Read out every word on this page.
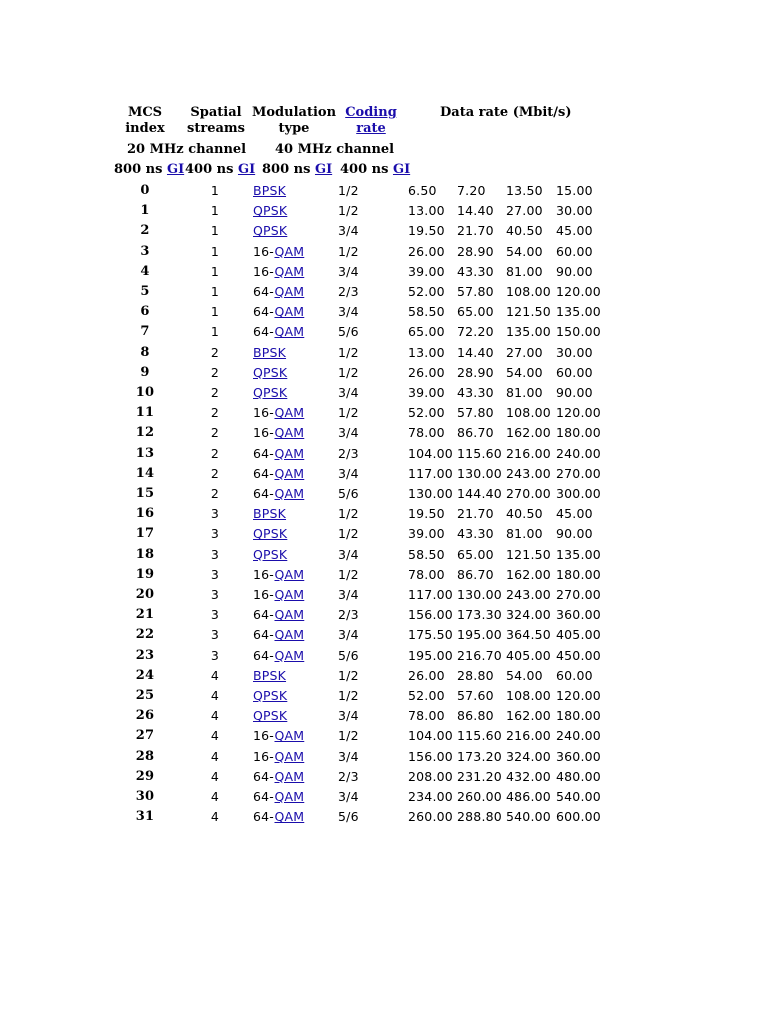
MCS
index
Spatial
streams
Modulation
type
Coding
rate
Data rate (Mbit/s)
20 MHz channel 40 MHz channel
800 ns GI 400 ns GI 800 ns GI 400 ns GI
0	1	BPSK	1/2	6.50 7.20 13.50 15.00
1	1	QPSK	1/2	13.00 14.40 27.00 30.00
2	1	QPSK	3/4	19.50 21.70 40.50 45.00
3	1	16-QAM	1/2	26.00 28.90 54.00 60.00
4	1	16-QAM	3/4	39.00 43.30 81.00 90.00
5	1	64-QAM	2/3	52.00 57.80 108.00 120.00
6	1	64-QAM	3/4	58.50 65.00 121.50 135.00
7	1	64-QAM	5/6	65.00 72.20 135.00 150.00
8	2	BPSK	1/2	13.00 14.40 27.00 30.00
9	2	QPSK	1/2	26.00 28.90 54.00 60.00
10	2	QPSK	3/4	39.00 43.30 81.00 90.00
11	2	16-QAM	1/2	52.00 57.80 108.00 120.00
12	2	16-QAM	3/4	78.00 86.70 162.00 180.00
13	2	64-QAM	2/3	104.00 115.60 216.00 240.00
14	2	64-QAM	3/4	117.00 130.00 243.00 270.00
15	2	64-QAM	5/6	130.00 144.40 270.00 300.00
16	3	BPSK	1/2	19.50 21.70 40.50 45.00
17	3	QPSK	1/2	39.00 43.30 81.00 90.00
18	3	QPSK	3/4	58.50 65.00 121.50 135.00
19	3	16-QAM	1/2	78.00 86.70 162.00 180.00
20	3	16-QAM	3/4	117.00 130.00 243.00 270.00
21	3	64-QAM	2/3	156.00 173.30 324.00 360.00
22	3	64-QAM	3/4	175.50 195.00 364.50 405.00
23	3	64-QAM	5/6	195.00 216.70 405.00 450.00
24	4	BPSK	1/2	26.00 28.80 54.00 60.00
25	4	QPSK	1/2	52.00 57.60 108.00 120.00
26	4	QPSK	3/4	78.00 86.80 162.00 180.00
27	4	16-QAM	1/2	104.00 115.60 216.00 240.00
28	4	16-QAM	3/4	156.00 173.20 324.00 360.00
29	4	64-QAM	2/3	208.00 231.20 432.00 480.00
30	4	64-QAM	3/4	234.00 260.00 486.00 540.00
31	4	64-QAM	5/6	260.00 288.80 540.00 600.00
